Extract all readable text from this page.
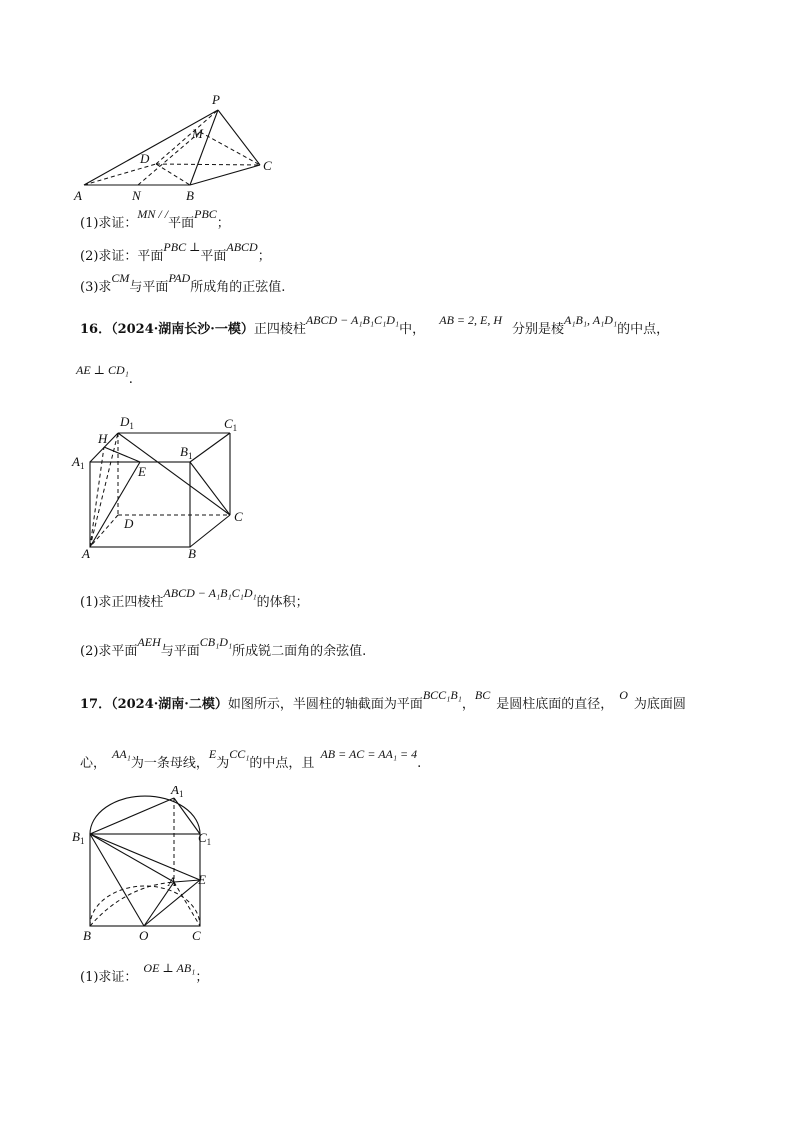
P
M
D	C
A	N	B
(1)求证：MN / /平面PBC；
(2)求证：平面PBC ⊥平面ABCD；
(3)求CM与平面PAD所成角的正弦值.
16．（2024·湖南长沙·一模）正四棱柱ABCD − A₁B₁C₁D₁中， AB = 2, E, H分别是棱A₁B₁, A₁D₁的中点，
AE ⊥ CD₁.
$D_1$	$C_1$
H
$B_1$
$A_1$	E
D	C
A	B
(1)求正四棱柱ABCD − A₁B₁C₁D₁的体积；
(2)求平面AEH与平面CB₁D₁所成锐二面角的余弦值.
17．（2024·湖南·二模）如图所示，半圆柱的轴截面为平面BCC₁B₁，BC是圆柱底面的直径，O为底面圆
心，AA₁为一条母线，E为CC₁的中点，且AB = AC = AA₁ = 4.
$A_1$
$B_1$	$C_1$
A E
B	O	C
(1)求证：OE ⊥ AB₁；
